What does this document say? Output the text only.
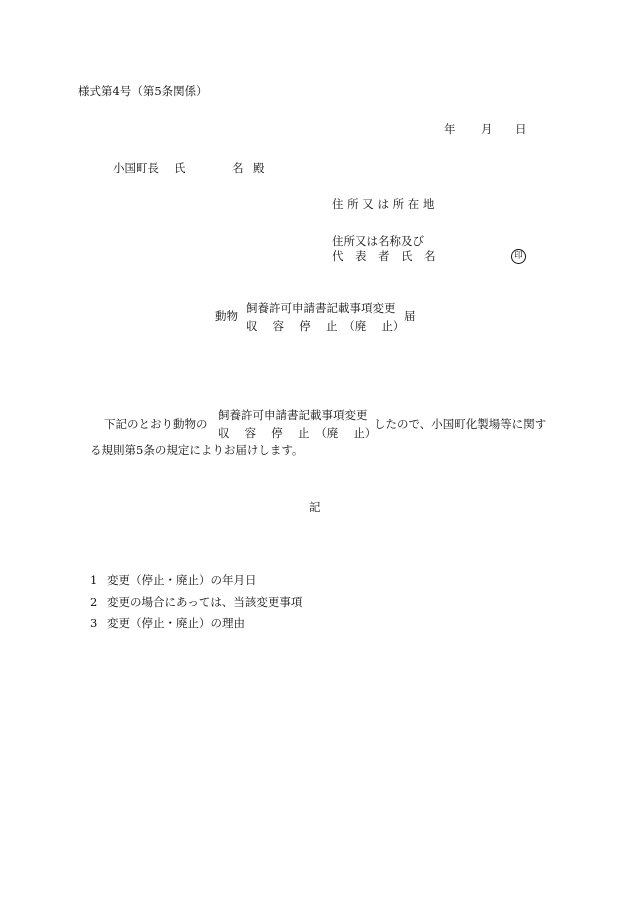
様式第4号（第5条関係）
年 月 日
小国町長 氏	名 殿
住 所 又 は 所 在 地
住所又は名称及び
代　表　者　氏　名	印
動物
飼養許可申請書記載事項変更
収　 容　 停　 止　（廃　 止）
届
下記のとおり動物の
飼養許可申請書記載事項変更
収　 容　 停　 止　（廃　 止）
したので、小国町化製場等に関す
る規則第5条の規定によりお届けします。
記
1 変更（停止・廃止）の年月日
2 変更の場合にあっては、当該変更事項
3 変更（停止・廃止）の理由
